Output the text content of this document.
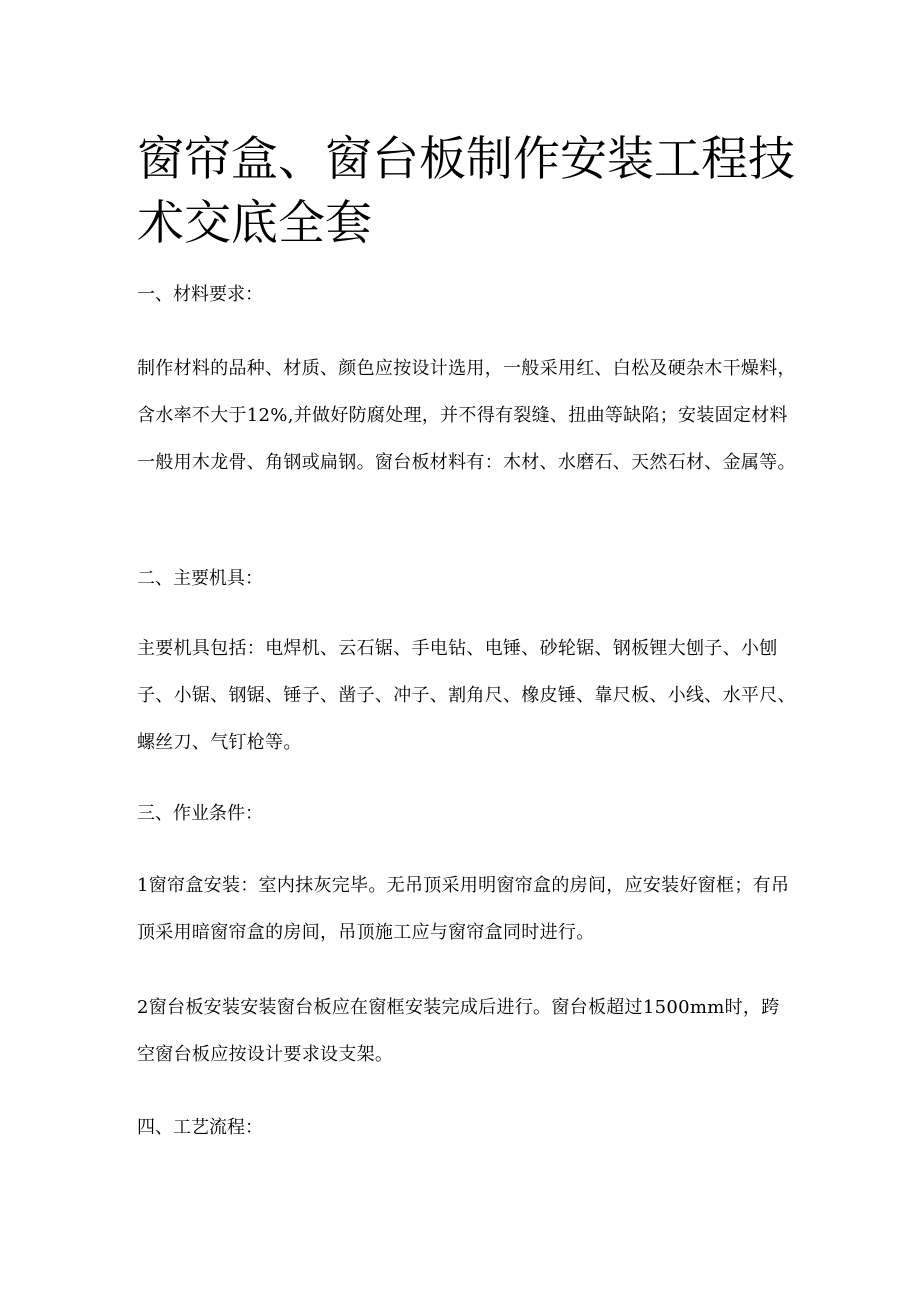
窗帘盒、窗台板制作安装工程技术交底全套

一、材料要求：

制作材料的品种、材质、颜色应按设计选用，一般采用红、白松及硬杂木干燥料，含水率不大于12%,并做好防腐处理，并不得有裂缝、扭曲等缺陷；安装固定材料一般用木龙骨、角钢或扁钢。窗台板材料有：木材、水磨石、天然石材、金属等。

二、主要机具：

主要机具包括：电焊机、云石锯、手电钻、电锤、砂轮锯、钢板锂大刨子、小刨子、小锯、钢锯、锤子、凿子、冲子、割角尺、橡皮锤、靠尺板、小线、水平尺、螺丝刀、气钉枪等。

三、作业条件：

1窗帘盒安装：室内抹灰完毕。无吊顶采用明窗帘盒的房间，应安装好窗框；有吊顶采用暗窗帘盒的房间，吊顶施工应与窗帘盒同时进行。

2窗台板安装安装窗台板应在窗框安装完成后进行。窗台板超过1500mm时，跨空窗台板应按设计要求设支架。

四、工艺流程：
